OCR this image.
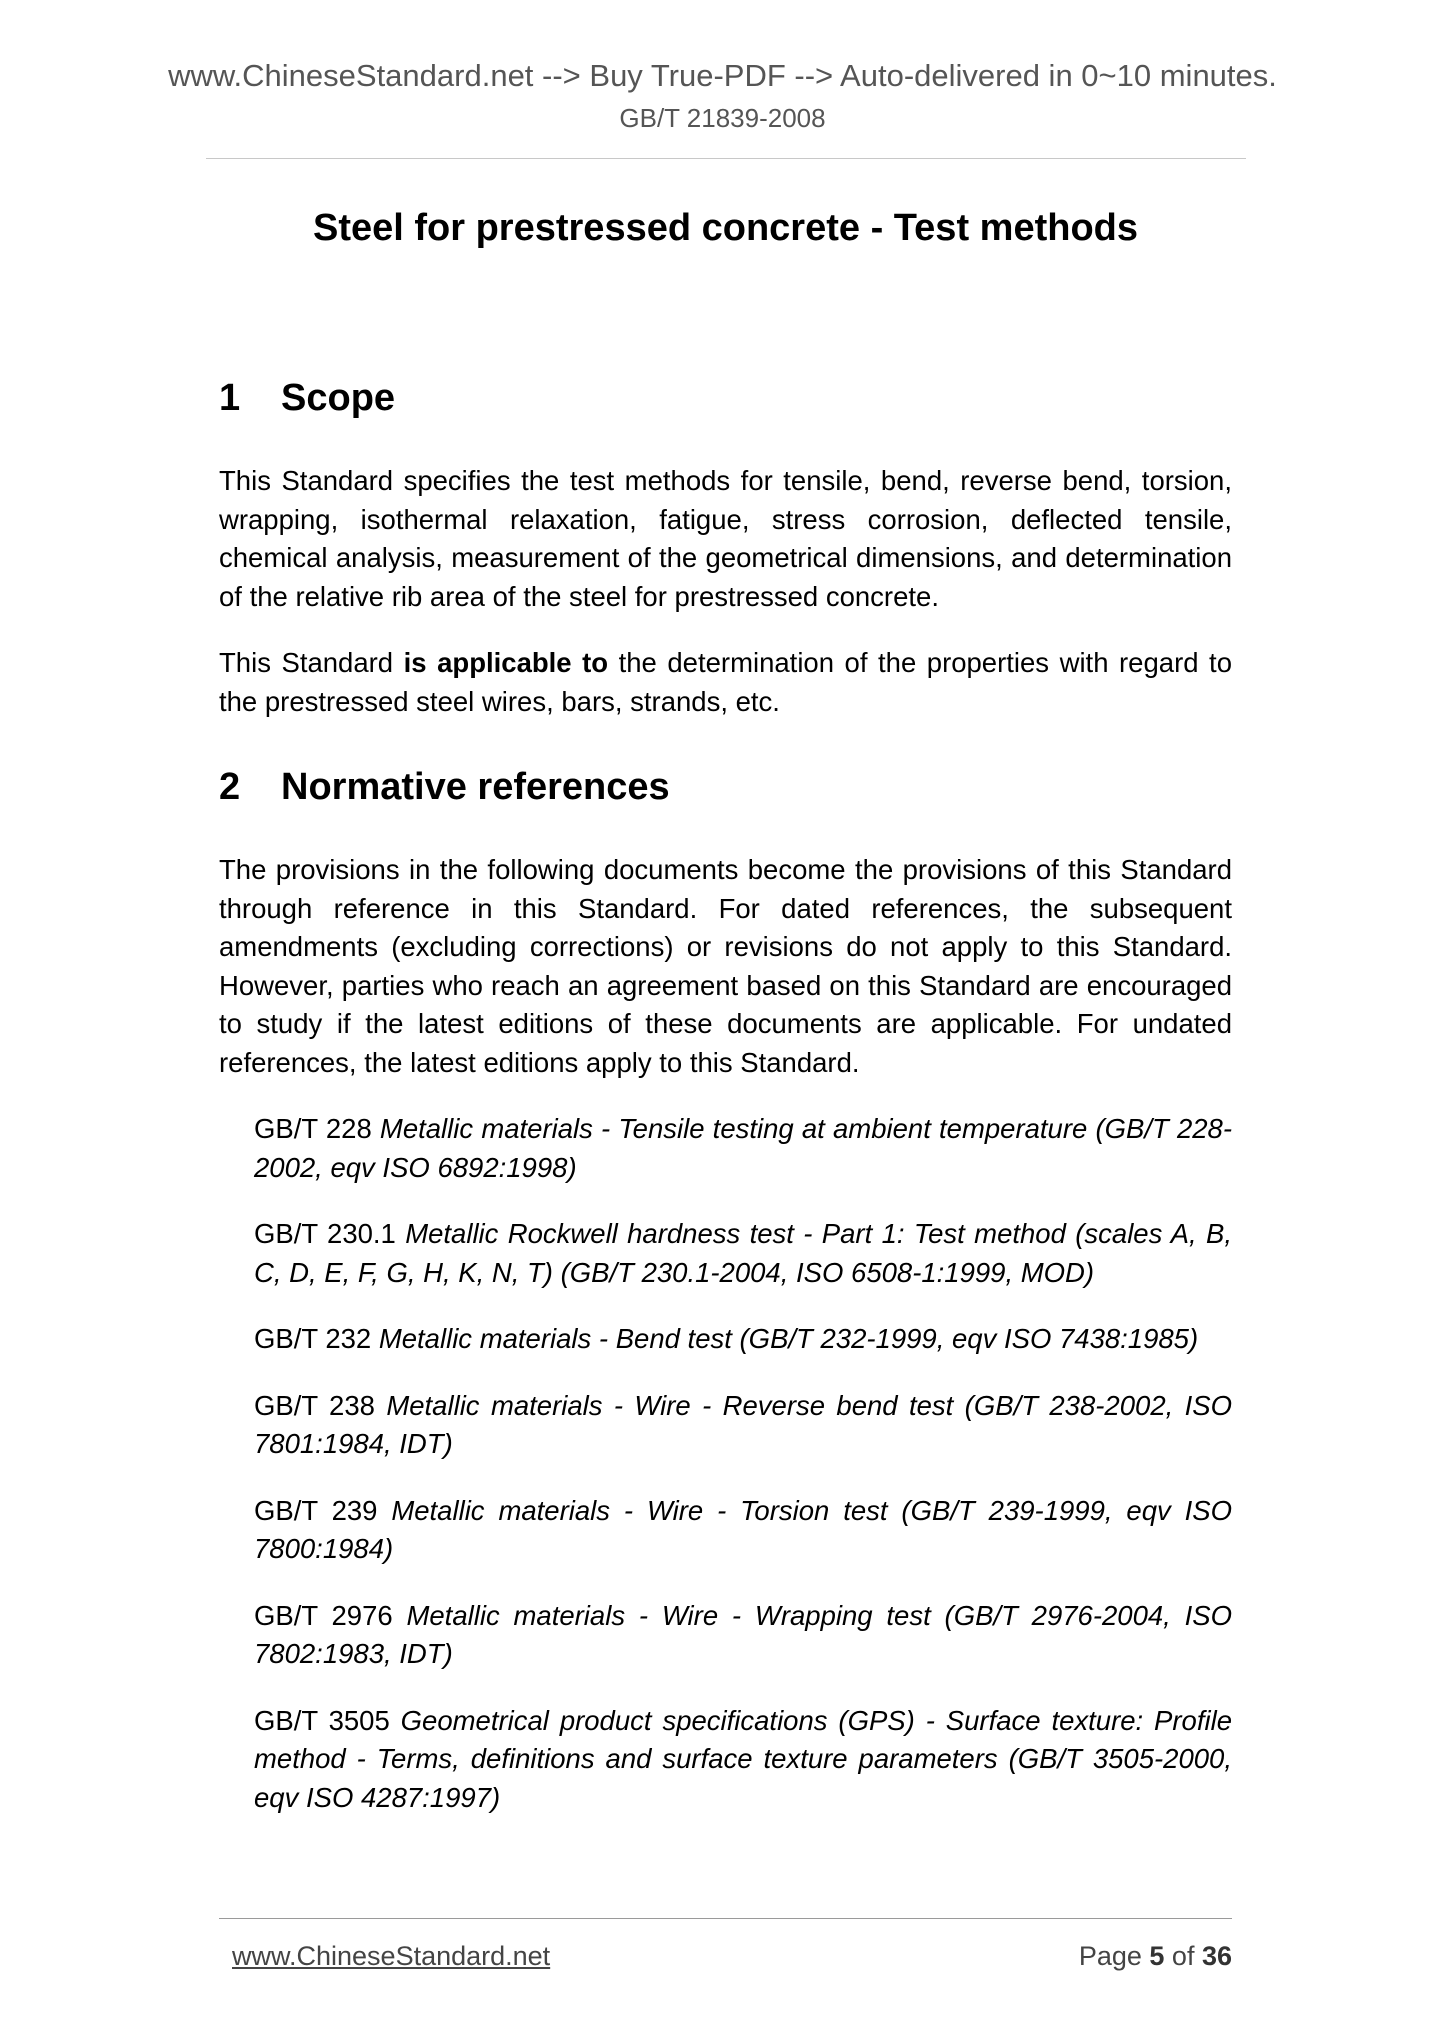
www.ChineseStandard.net --> Buy True-PDF --> Auto-delivered in 0~10 minutes.
GB/T 21839-2008
Steel for prestressed concrete - Test methods
1 Scope

This Standard specifies the test methods for tensile, bend, reverse bend, torsion, wrapping, isothermal relaxation, fatigue, stress corrosion, deflected tensile, chemical analysis, measurement of the geometrical dimensions, and determination of the relative rib area of the steel for prestressed concrete.

This Standard is applicable to the determination of the properties with regard to the prestressed steel wires, bars, strands, etc.

2 Normative references

The provisions in the following documents become the provisions of this Standard through reference in this Standard. For dated references, the subsequent amendments (excluding corrections) or revisions do not apply to this Standard. However, parties who reach an agreement based on this Standard are encouraged to study if the latest editions of these documents are applicable. For undated references, the latest editions apply to this Standard.

GB/T 228 Metallic materials - Tensile testing at ambient temperature (GB/T 228-2002, eqv ISO 6892:1998)

GB/T 230.1 Metallic Rockwell hardness test - Part 1: Test method (scales A, B, C, D, E, F, G, H, K, N, T) (GB/T 230.1-2004, ISO 6508-1:1999, MOD)

GB/T 232 Metallic materials - Bend test (GB/T 232-1999, eqv ISO 7438:1985)

GB/T 238 Metallic materials - Wire - Reverse bend test (GB/T 238-2002, ISO 7801:1984, IDT)

GB/T 239 Metallic materials - Wire - Torsion test (GB/T 239-1999, eqv ISO 7800:1984)

GB/T 2976 Metallic materials - Wire - Wrapping test (GB/T 2976-2004, ISO 7802:1983, IDT)

GB/T 3505 Geometrical product specifications (GPS) - Surface texture: Profile method - Terms, definitions and surface texture parameters (GB/T 3505-2000, eqv ISO 4287:1997)

www.ChineseStandard.net	Page 5 of 36
